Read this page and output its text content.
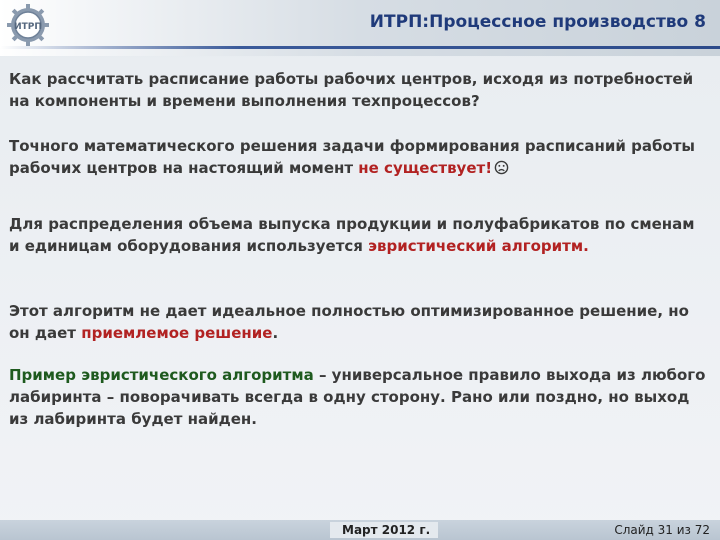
ИТРП	ИТРП:Процессное производство 8

Как рассчитать расписание работы рабочих центров, исходя из потребностей на компоненты и времени выполнения техпроцессов?

Точного математического решения задачи формирования расписаний работы рабочих центров на настоящий момент не существует!

Для распределения объема выпуска продукции и полуфабрикатов по сменам и единицам оборудования используется эвристический алгоритм.

Этот алгоритм не дает идеальное полностью оптимизированное решение, но он дает приемлемое решение.

Пример эвристического алгоритма – универсальное правило выхода из любого лабиринта – поворачивать всегда в одну сторону. Рано или поздно, но выход из лабиринта будет найден.

Март 2012 г.	Слайд 31 из 72
